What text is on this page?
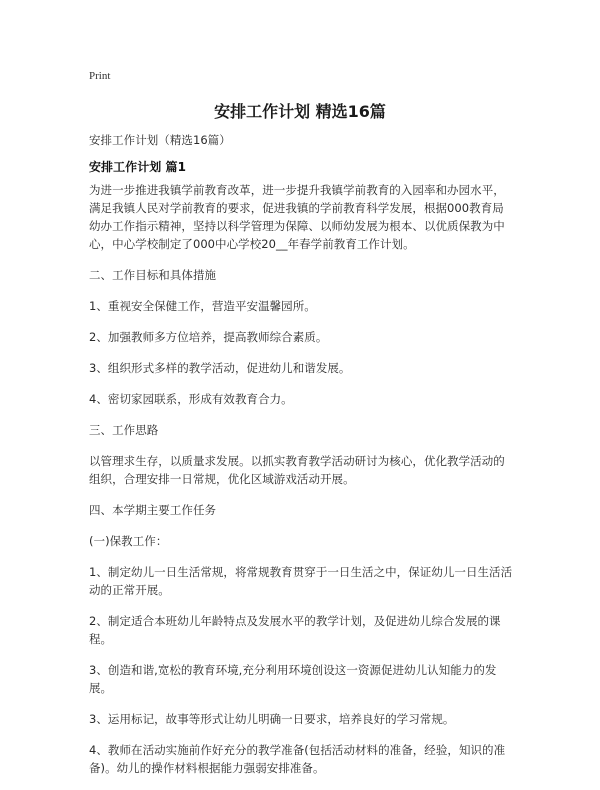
Print
安排工作计划 精选16篇

安排工作计划（精选16篇）

安排工作计划 篇1

为进一步推进我镇学前教育改革，进一步提升我镇学前教育的入园率和办园水平，满足我镇人民对学前教育的要求，促进我镇的学前教育科学发展，根据000教育局幼办工作指示精神，坚持以科学管理为保障、以师幼发展为根本、以优质保教为中心，中心学校制定了000中心学校20__年春学前教育工作计划。

二、工作目标和具体措施

1、重视安全保健工作，营造平安温馨园所。

2、加强教师多方位培养，提高教师综合素质。

3、组织形式多样的教学活动，促进幼儿和谐发展。

4、密切家园联系，形成有效教育合力。

三、工作思路

以管理求生存，以质量求发展。以抓实教育教学活动研讨为核心，优化教学活动的组织，合理安排一日常规，优化区域游戏活动开展。

四、本学期主要工作任务

(一)保教工作：

1、制定幼儿一日生活常规，将常规教育贯穿于一日生活之中，保证幼儿一日生活活动的正常开展。

2、制定适合本班幼儿年龄特点及发展水平的教学计划，及促进幼儿综合发展的课程。

3、创造和谐,宽松的教育环境,充分利用环境创设这一资源促进幼儿认知能力的发展。

3、运用标记，故事等形式让幼儿明确一日要求，培养良好的学习常规。

4、教师在活动实施前作好充分的教学准备(包括活动材料的准备，经验，知识的准备)。幼儿的操作材料根据能力强弱安排准备。
